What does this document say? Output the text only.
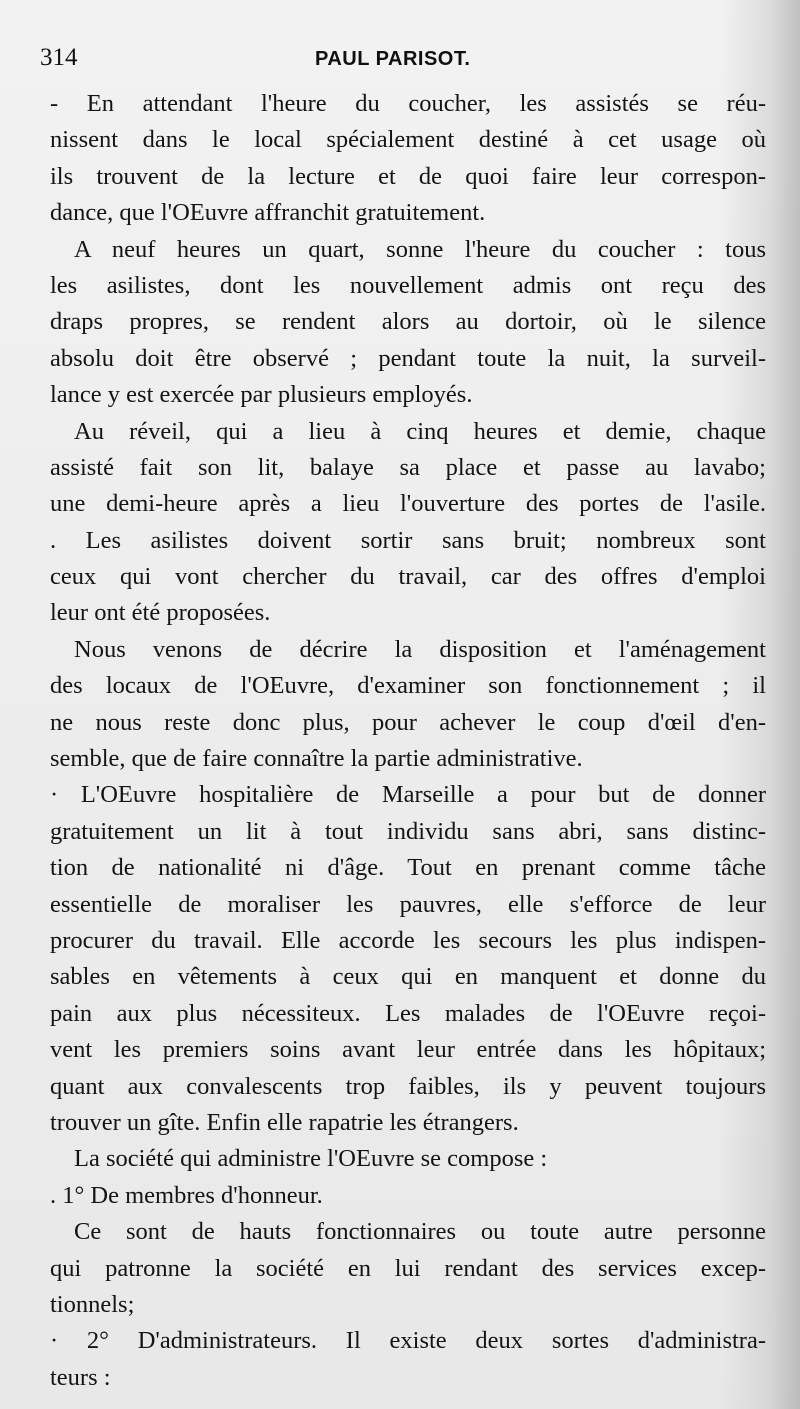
314	PAUL PARISOT.
- En attendant l'heure du coucher, les assistés se réu-
nissent dans le local spécialement destiné à cet usage où
ils trouvent de la lecture et de quoi faire leur correspon-
dance, que l'OEuvre affranchit gratuitement.
A neuf heures un quart, sonne l'heure du coucher : tous
les asilistes, dont les nouvellement admis ont reçu des
draps propres, se rendent alors au dortoir, où le silence
absolu doit être observé ; pendant toute la nuit, la surveil-
lance y est exercée par plusieurs employés.
Au réveil, qui a lieu à cinq heures et demie, chaque
assisté fait son lit, balaye sa place et passe au lavabo;
une demi-heure après a lieu l'ouverture des portes de l'asile.
. Les asilistes doivent sortir sans bruit; nombreux sont
ceux qui vont chercher du travail, car des offres d'emploi
leur ont été proposées.
Nous venons de décrire la disposition et l'aménagement
des locaux de l'OEuvre, d'examiner son fonctionnement ; il
ne nous reste donc plus, pour achever le coup d'œil d'en-
semble, que de faire connaître la partie administrative.
· L'OEuvre hospitalière de Marseille a pour but de donner
gratuitement un lit à tout individu sans abri, sans distinc-
tion de nationalité ni d'âge. Tout en prenant comme tâche
essentielle de moraliser les pauvres, elle s'efforce de leur
procurer du travail. Elle accorde les secours les plus indispen-
sables en vêtements à ceux qui en manquent et donne du
pain aux plus nécessiteux. Les malades de l'OEuvre reçoi-
vent les premiers soins avant leur entrée dans les hôpitaux;
quant aux convalescents trop faibles, ils y peuvent toujours
trouver un gîte. Enfin elle rapatrie les étrangers.
La société qui administre l'OEuvre se compose :
. 1° De membres d'honneur.
Ce sont de hauts fonctionnaires ou toute autre personne
qui patronne la société en lui rendant des services excep-
tionnels;
· 2° D'administrateurs. Il existe deux sortes d'administra-
teurs :
